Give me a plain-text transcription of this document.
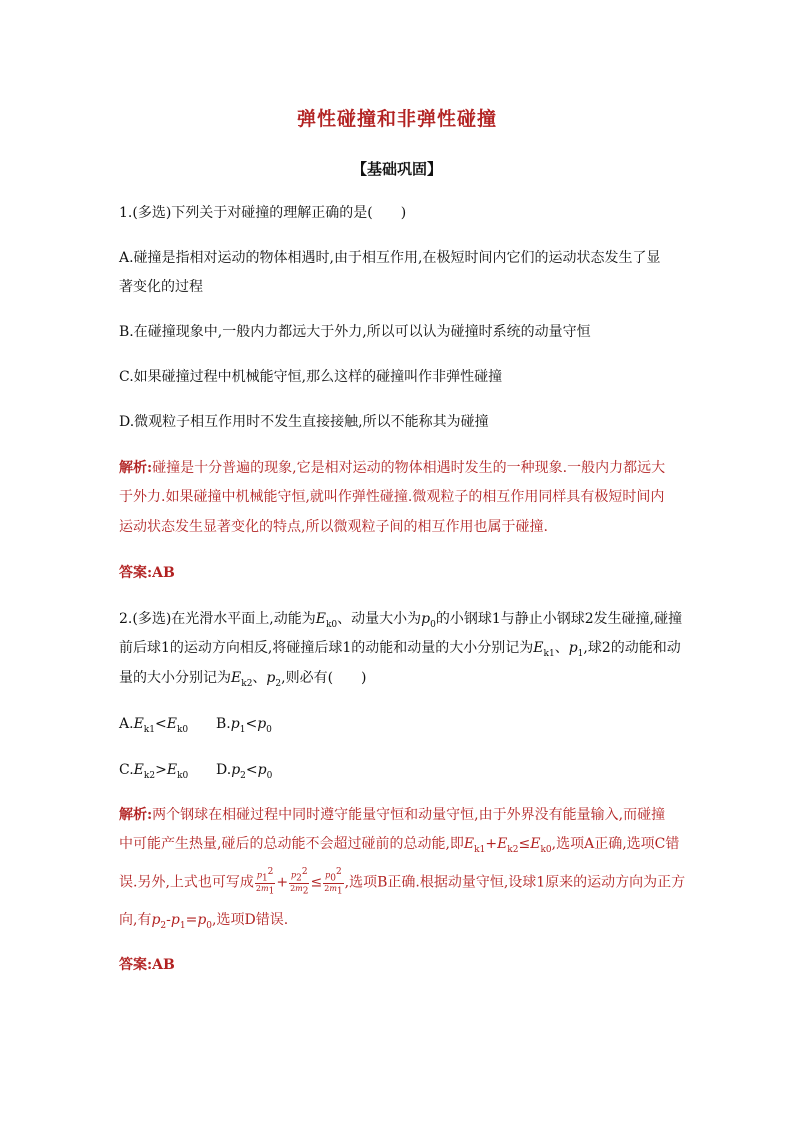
弹性碰撞和非弹性碰撞
【基础巩固】
1.(多选)下列关于对碰撞的理解正确的是(　　)
A.碰撞是指相对运动的物体相遇时,由于相互作用,在极短时间内它们的运动状态发生了显
著变化的过程
B.在碰撞现象中,一般内力都远大于外力,所以可以认为碰撞时系统的动量守恒
C.如果碰撞过程中机械能守恒,那么这样的碰撞叫作非弹性碰撞
D.微观粒子相互作用时不发生直接接触,所以不能称其为碰撞
解析:碰撞是十分普遍的现象,它是相对运动的物体相遇时发生的一种现象.一般内力都远大
于外力.如果碰撞中机械能守恒,就叫作弹性碰撞.微观粒子的相互作用同样具有极短时间内
运动状态发生显著变化的特点,所以微观粒子间的相互作用也属于碰撞.
答案:AB
2.(多选)在光滑水平面上,动能为$E_{k0}$、动量大小为$p_0$的小钢球1与静止小钢球2发生碰撞,碰撞
前后球1的运动方向相反,将碰撞后球1的动能和动量的大小分别记为$E_{k1}$、$p_1$,球2的动能和动
量的大小分别记为$E_{k2}$、$p_2$,则必有(　　)
$A.E_{k1}<E_{k0}$ $B.p_1<p_0$
$C.E_{k2}>E_{k0}$ $D.p_2<p_0$
解析:两个钢球在相碰过程中同时遵守能量守恒和动量守恒,由于外界没有能量输入,而碰撞
中可能产生热量,碰后的总动能不会超过碰前的总动能,即$E_{k1}+E_{k2}\le E_{k0}$,选项A正确,选项C错
误.另外,上式也可写成 $\frac{p_1^2}{2m_1} + \frac{p_2^2}{2m_2} \le \frac{p_0^2}{2m_1}$ ,选项B正确.根据动量守恒,设球1原来的运动方向为正方
向,有$p_2-p_1=p_0$,选项D错误.
答案:AB
